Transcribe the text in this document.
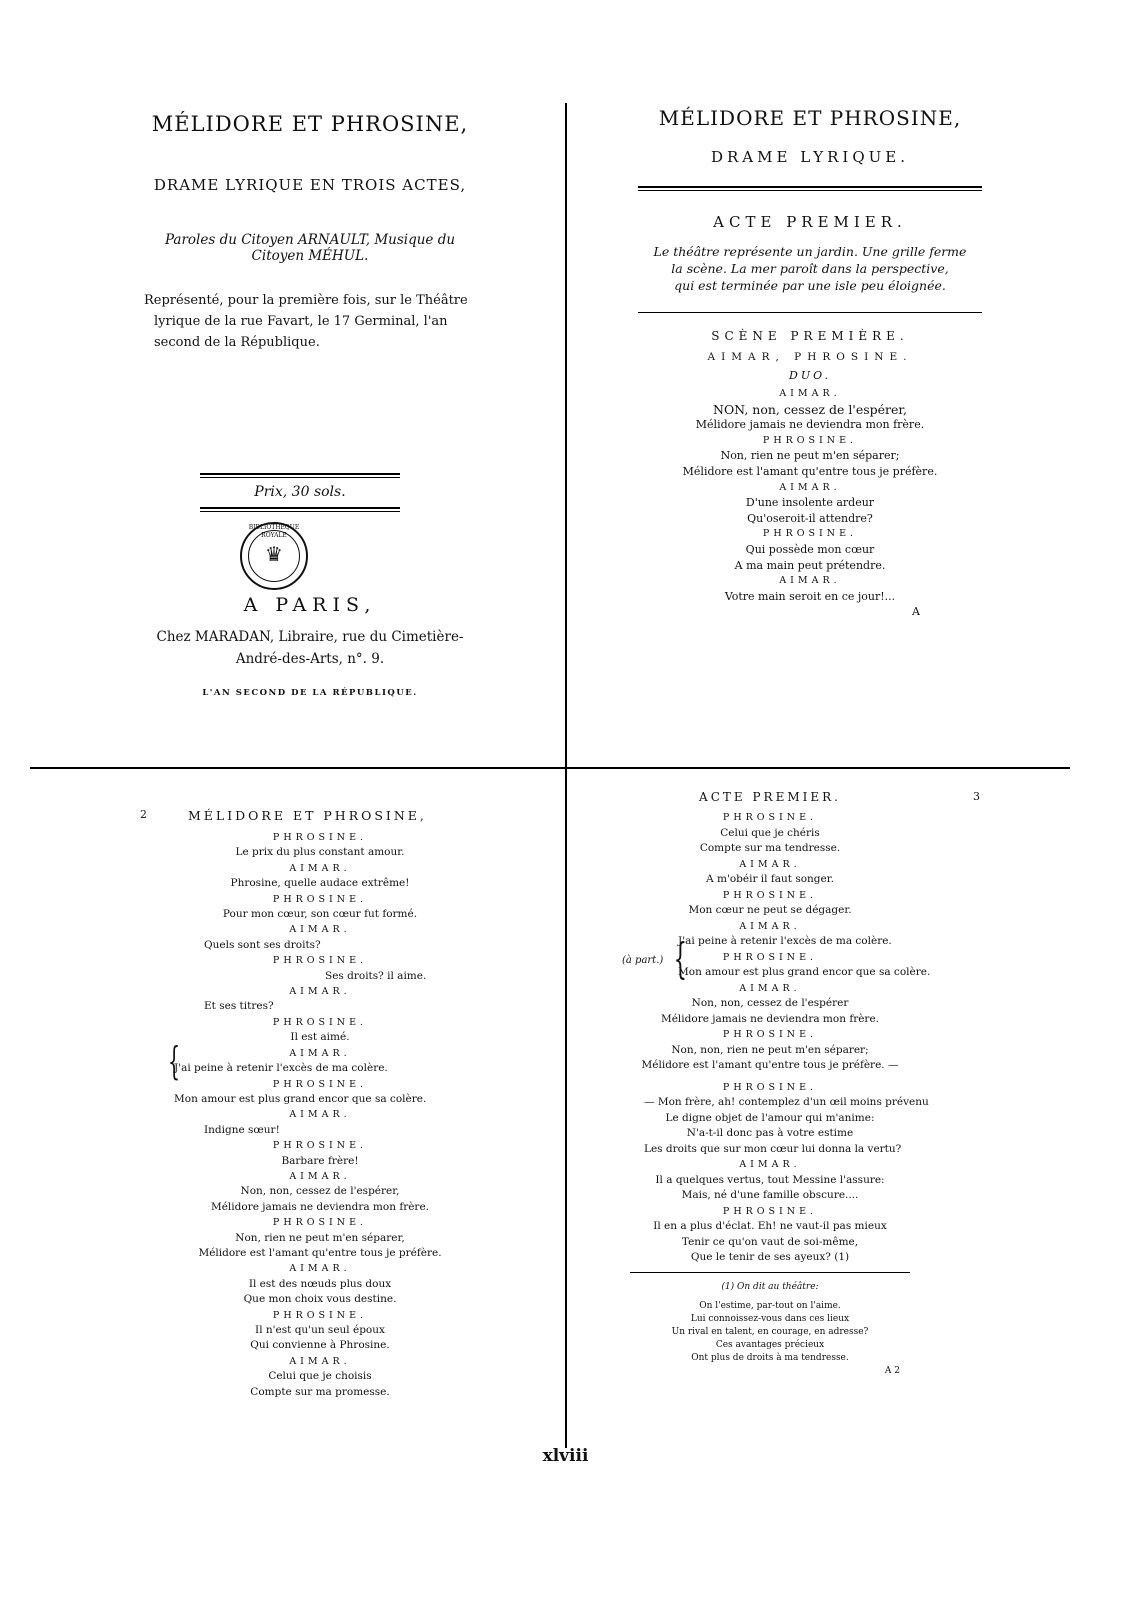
MÉLIDORE ET PHROSINE,
DRAME LYRIQUE EN TROIS ACTES,
Paroles du Citoyen ARNAULT, Musique du
Citoyen MÉHUL.
Représenté, pour la première fois, sur le Théâtre
lyrique de la rue Favart, le 17 Germinal, l'an
second de la République.
Prix, 30 sols.
BIBLIOTHÈQUE ROYALE
♛
A PARIS,
Chez MARADAN, Libraire, rue du Cimetière-
André-des-Arts, n°. 9.
L'AN SECOND DE LA RÉPUBLIQUE.
MÉLIDORE ET PHROSINE,
DRAME LYRIQUE.
ACTE PREMIER.
Le théâtre représente un jardin. Une grille ferme
la scène. La mer paroît dans la perspective,
qui est terminée par une isle peu éloignée.
SCÈNE PREMIÈRE.
AIMAR, PHROSINE.
DUO.
AIMAR.
NON, non, cessez de l'espérer,
Mélidore jamais ne deviendra mon frère.
PHROSINE.
Non, rien ne peut m'en séparer;
Mélidore est l'amant qu'entre tous je préfère.
AIMAR.
D'une insolente ardeur
Qu'oseroit-il attendre?
PHROSINE.
Qui possède mon cœur
A ma main peut prétendre.
AIMAR.
Votre main seroit en ce jour!...
A
2	MÉLIDORE ET PHROSINE,
PHROSINE.
Le prix du plus constant amour.
AIMAR.
Phrosine, quelle audace extrême!
PHROSINE.
Pour mon cœur, son cœur fut formé.
AIMAR.
Quels sont ses droits?
PHROSINE.
Ses droits? il aime.
AIMAR.
Et ses titres?
PHROSINE.
Il est aimé.
AIMAR.
J'ai peine à retenir l'excès de ma colère.
PHROSINE.
Mon amour est plus grand encor que sa colère.
AIMAR.
Indigne sœur!
PHROSINE.
Barbare frère!
AIMAR.
Non, non, cessez de l'espérer,
Mélidore jamais ne deviendra mon frère.
PHROSINE.
Non, rien ne peut m'en séparer,
Mélidore est l'amant qu'entre tous je préfère.
AIMAR.
Il est des nœuds plus doux
Que mon choix vous destine.
PHROSINE.
Il n'est qu'un seul époux
Qui convienne à Phrosine.
AIMAR.
Celui que je choisis
Compte sur ma promesse.
{
ACTE PREMIER.	3
PHROSINE.
Celui que je chéris
Compte sur ma tendresse.
AIMAR.
A m'obéir il faut songer.
PHROSINE.
Mon cœur ne peut se dégager.
AIMAR.
J'ai peine à retenir l'excès de ma colère.
PHROSINE.
Mon amour est plus grand encor que sa colère.
AIMAR.
Non, non, cessez de l'espérer
Mélidore jamais ne deviendra mon frère.
PHROSINE.
Non, non, rien ne peut m'en séparer;
Mélidore est l'amant qu'entre tous je préfère. —
PHROSINE.
— Mon frère, ah! contemplez d'un œil moins prévenu
Le digne objet de l'amour qui m'anime:
N'a-t-il donc pas à votre estime
Les droits que sur mon cœur lui donna la vertu?
AIMAR.
Il a quelques vertus, tout Messine l'assure:
Mais, né d'une famille obscure....
PHROSINE.
Il en a plus d'éclat. Eh! ne vaut-il pas mieux
Tenir ce qu'on vaut de soi-même,
Que le tenir de ses ayeux? (1)
(1) On dit au théâtre:
On l'estime, par-tout on l'aime.
Lui connoissez-vous dans ces lieux
Un rival en talent, en courage, en adresse?
Ces avantages précieux
Ont plus de droits à ma tendresse.
A 2
(à part.) {
xlviii
